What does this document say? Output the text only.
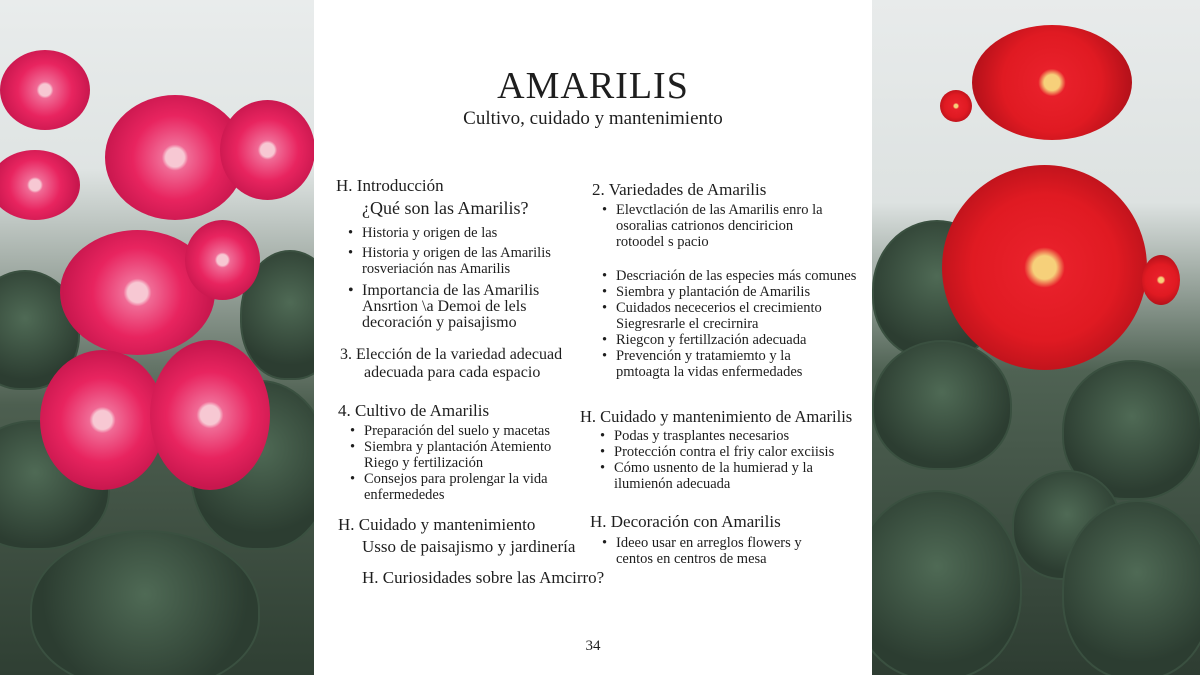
AMARILIS
Cultivo, cuidado y mantenimiento
H. Introducción
¿Qué son las Amarilis?
• Historia y origen de las
• Historia y origen de las Amarilis
rosveriación nas Amarilis
• Importancia de las Amarilis
Ansrtion \a Demoi de lels
decoración y paisajismo
3. Elección de la variedad adecuad
adecuada para cada espacio
4. Cultivo de Amarilis
• Preparación del suelo y macetas
• Siembra y plantación Atemiento
Riego y fertilización
• Consejos para prolengar la vida
enfermededes
H. Cuidado y mantenimiento
Usso de paisajismo y jardinería
H. Curiosidades sobre las Amcirro?
2. Variedades de Amarilis
• Elevctlación de las Amarilis enro la
osoralias catrionos denciricion
rotoodel s pacio
• Descriación de las especies más comunes
• Siembra y plantación de Amarilis
• Cuidados nececerios el crecimiento
Siegresrarle el crecirnira
• Riegcon y fertillzación adecuada
• Prevención y tratamiemto y la
pmtoagta la vidas enfermedades
H. Cuidado y mantenimiento de Amarilis
• Podas y trasplantes necesarios
• Protección contra el friy calor exciisis
• Cómo usnento de la humierad y la
ilumienón adecuada
H. Decoración con Amarilis
• Ideeo usar en arreglos flowers y
centos en centros de mesa
34
